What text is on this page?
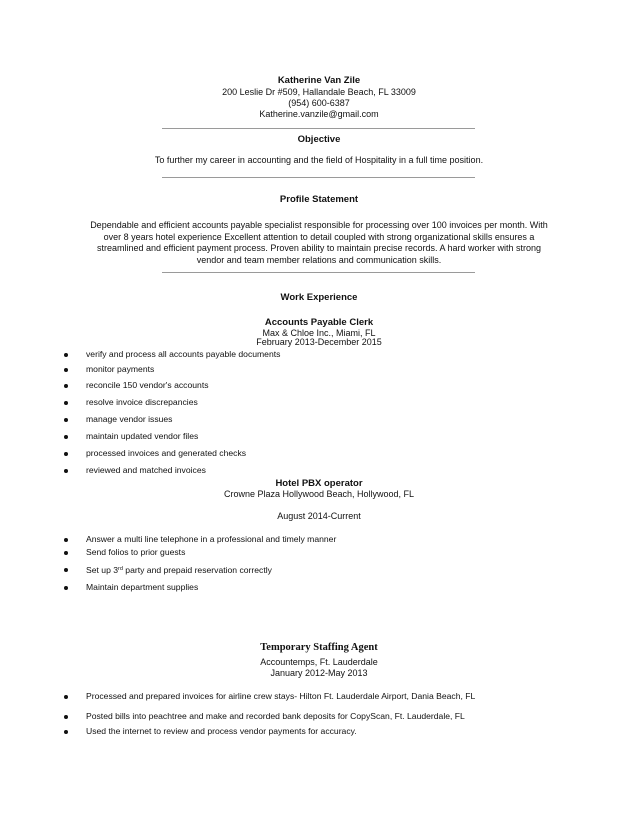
Katherine Van Zile
200 Leslie Dr #509, Hallandale Beach, FL 33009
(954) 600-6387
Katherine.vanzile@gmail.com
Objective
To further my career in accounting and the field of Hospitality in a full time position.
Profile Statement
Dependable and efficient accounts payable specialist responsible for processing over 100 invoices per month. With
over 8 years hotel experience Excellent attention to detail coupled with strong organizational skills ensures a
streamlined and efficient payment process. Proven ability to maintain precise records. A hard worker with strong
vendor and team member relations and communication skills.
Work Experience
Accounts Payable Clerk
Max & Chloe Inc., Miami, FL
February 2013-December 2015
verify and process all accounts payable documents
monitor payments
reconcile 150 vendor's accounts
resolve invoice discrepancies
manage vendor issues
maintain updated vendor files
processed invoices and generated checks
reviewed and matched invoices
Hotel PBX operator
Crowne Plaza Hollywood Beach, Hollywood, FL
August 2014-Current
Answer a multi line telephone in a professional and timely manner
Send folios to prior guests
Set up 3rd party and prepaid reservation correctly
Maintain department supplies
Temporary Staffing Agent
Accountemps, Ft. Lauderdale
January 2012-May 2013
Processed and prepared invoices for airline crew stays- Hilton Ft. Lauderdale Airport, Dania Beach, FL
Posted bills into peachtree and make and recorded bank deposits for CopyScan, Ft. Lauderdale, FL
Used the internet to review and process vendor payments for accuracy.
